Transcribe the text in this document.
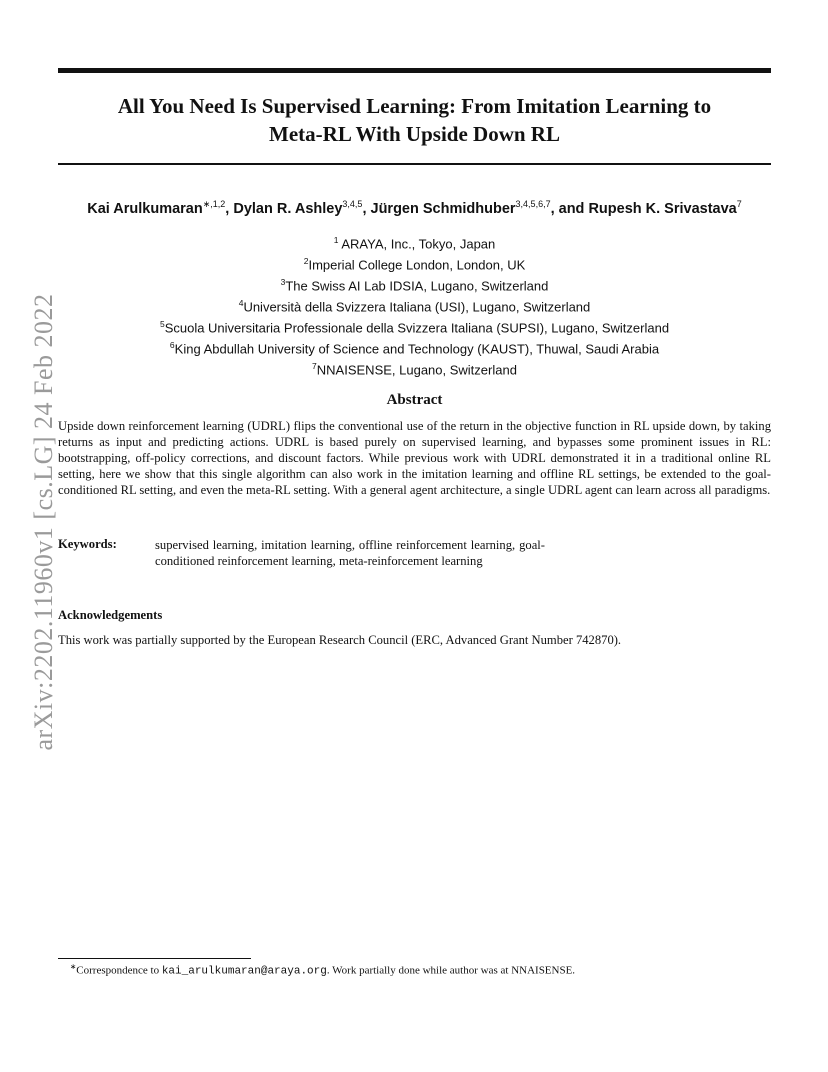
All You Need Is Supervised Learning: From Imitation Learning to
Meta-RL With Upside Down RL
Kai Arulkumaran$^{∗,1,2}$, Dylan R. Ashley$^{3,4,5}$, Jürgen Schmidhuber$^{3,4,5,6,7}$, and Rupesh K. Srivastava$^7$
$^1$ ARAYA, Inc., Tokyo, Japan
$^2$Imperial College London, London, UK
$^3$The Swiss AI Lab IDSIA, Lugano, Switzerland
$^4$Università della Svizzera Italiana (USI), Lugano, Switzerland
$^5$Scuola Universitaria Professionale della Svizzera Italiana (SUPSI), Lugano, Switzerland
$^6$King Abdullah University of Science and Technology (KAUST), Thuwal, Saudi Arabia
$^7$NNAISENSE, Lugano, Switzerland
arXiv:2202.11960v1 [cs.LG] 24 Feb 2022	Abstract
Upside down reinforcement learning (UDRL) flips the conventional use of the return in the objective function in RL upside down, by taking returns as input and predicting actions. UDRL is based purely on supervised learning, and bypasses some prominent issues in RL: bootstrapping, off-policy corrections, and discount factors. While previous work with UDRL demonstrated it in a traditional online RL setting, here we show that this single algorithm can also work in the imitation learning and offline RL settings, be extended to the goal-conditioned RL setting, and even the meta-RL setting. With a general agent architecture, a single UDRL agent can learn across all paradigms.
Keywords:	supervised learning, imitation learning, offline reinforcement learning, goal-conditioned reinforcement learning, meta-reinforcement learning
Acknowledgements
This work was partially supported by the European Research Council (ERC, Advanced Grant Number 742870).
∗Correspondence to kai_arulkumaran@araya.org. Work partially done while author was at NNAISENSE.
